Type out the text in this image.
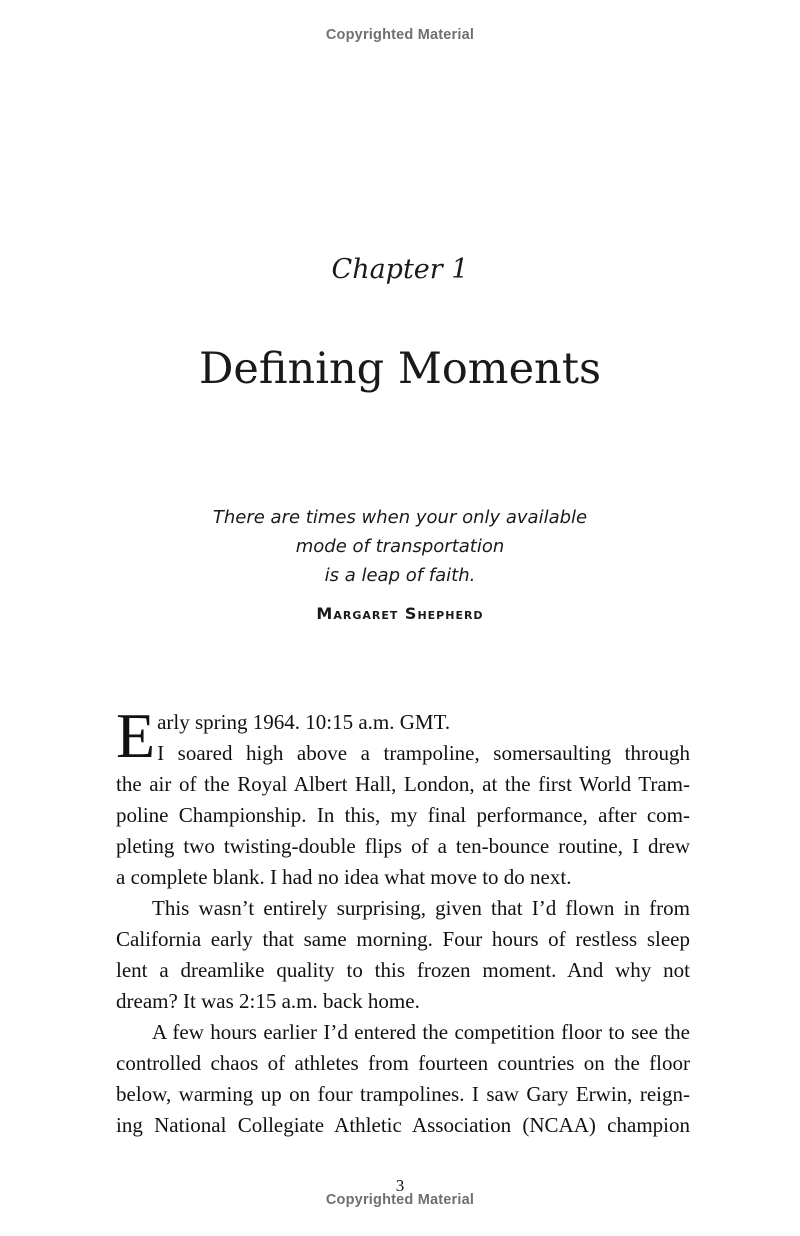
Copyrighted Material
Chapter 1
Defining Moments
There are times when your only available
mode of transportation
is a leap of faith.
Margaret Shepherd
E arly spring 1964. 10:15 a.m. GMT.
I soared high above a trampoline, somersaulting through
the air of the Royal Albert Hall, London, at the first World Tram-
poline Championship. In this, my final performance, after com-
pleting two twisting-double flips of a ten-bounce routine, I drew
a complete blank. I had no idea what move to do next.
This wasn’t entirely surprising, given that I’d flown in from
California early that same morning. Four hours of restless sleep
lent a dreamlike quality to this frozen moment. And why not
dream? It was 2:15 a.m. back home.
A few hours earlier I’d entered the competition floor to see the
controlled chaos of athletes from fourteen countries on the floor
below, warming up on four trampolines. I saw Gary Erwin, reign-
ing National Collegiate Athletic Association (NCAA) champion
3
Copyrighted Material
